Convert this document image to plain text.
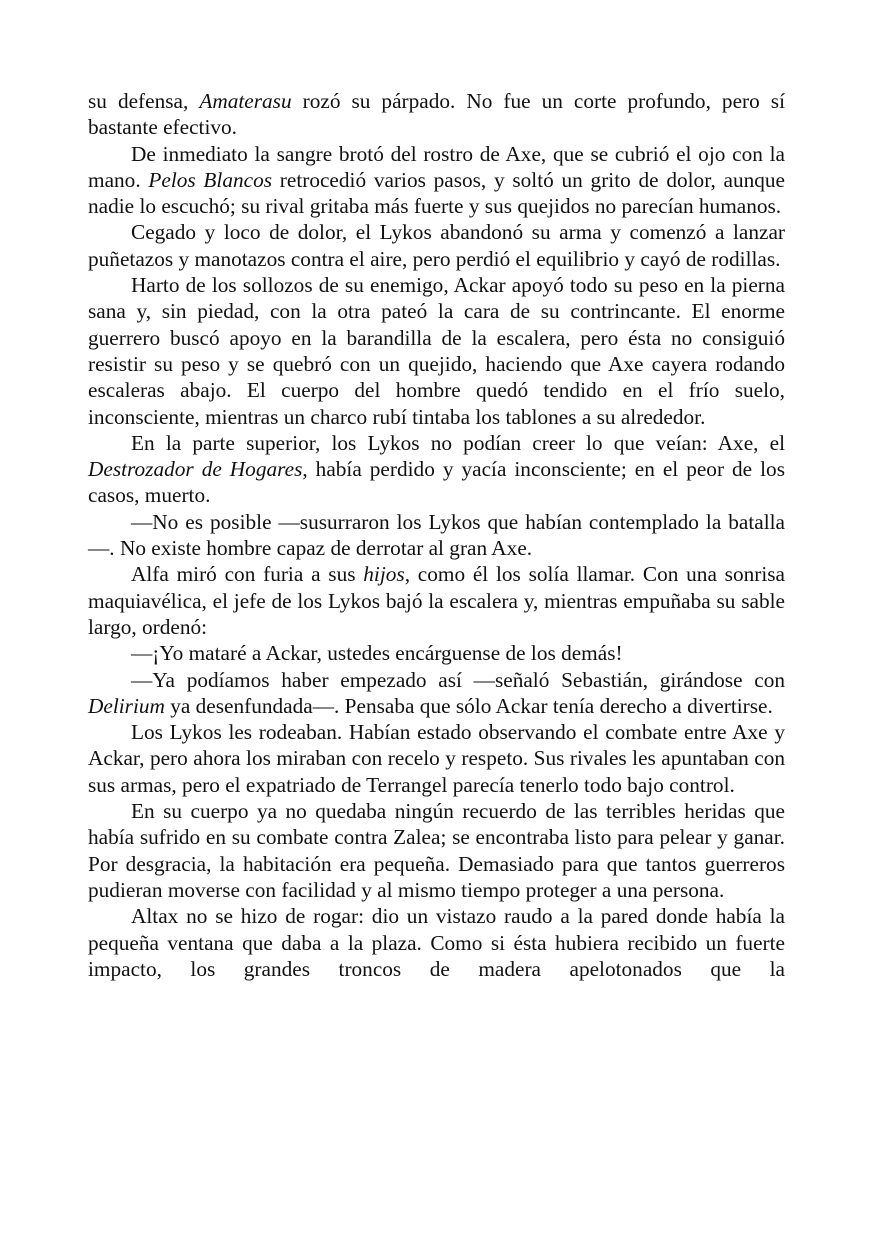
su defensa, Amaterasu rozó su párpado. No fue un corte profundo, pero sí bastante efectivo.

De inmediato la sangre brotó del rostro de Axe, que se cubrió el ojo con la mano. Pelos Blancos retrocedió varios pasos, y soltó un grito de dolor, aunque nadie lo escuchó; su rival gritaba más fuerte y sus quejidos no parecían humanos.

Cegado y loco de dolor, el Lykos abandonó su arma y comenzó a lanzar puñetazos y manotazos contra el aire, pero perdió el equilibrio y cayó de rodillas.

Harto de los sollozos de su enemigo, Ackar apoyó todo su peso en la pierna sana y, sin piedad, con la otra pateó la cara de su contrincante. El enorme guerrero buscó apoyo en la barandilla de la escalera, pero ésta no consiguió resistir su peso y se quebró con un quejido, haciendo que Axe cayera rodando escaleras abajo. El cuerpo del hombre quedó tendido en el frío suelo, inconsciente, mientras un charco rubí tintaba los tablones a su alrededor.

En la parte superior, los Lykos no podían creer lo que veían: Axe, el Destrozador de Hogares, había perdido y yacía inconsciente; en el peor de los casos, muerto.

—No es posible —susurraron los Lykos que habían contemplado la batalla—. No existe hombre capaz de derrotar al gran Axe.

Alfa miró con furia a sus hijos, como él los solía llamar. Con una sonrisa maquiavélica, el jefe de los Lykos bajó la escalera y, mientras empuñaba su sable largo, ordenó:

—¡Yo mataré a Ackar, ustedes encárguense de los demás!

—Ya podíamos haber empezado así —señaló Sebastián, girándose con Delirium ya desenfundada—. Pensaba que sólo Ackar tenía derecho a divertirse.

Los Lykos les rodeaban. Habían estado observando el combate entre Axe y Ackar, pero ahora los miraban con recelo y respeto. Sus rivales les apuntaban con sus armas, pero el expatriado de Terrangel parecía tenerlo todo bajo control.

En su cuerpo ya no quedaba ningún recuerdo de las terribles heridas que había sufrido en su combate contra Zalea; se encontraba listo para pelear y ganar. Por desgracia, la habitación era pequeña. Demasiado para que tantos guerreros pudieran moverse con facilidad y al mismo tiempo proteger a una persona.

Altax no se hizo de rogar: dio un vistazo raudo a la pared donde había la pequeña ventana que daba a la plaza. Como si ésta hubiera recibido un fuerte impacto, los grandes troncos de madera apelotonados que la
